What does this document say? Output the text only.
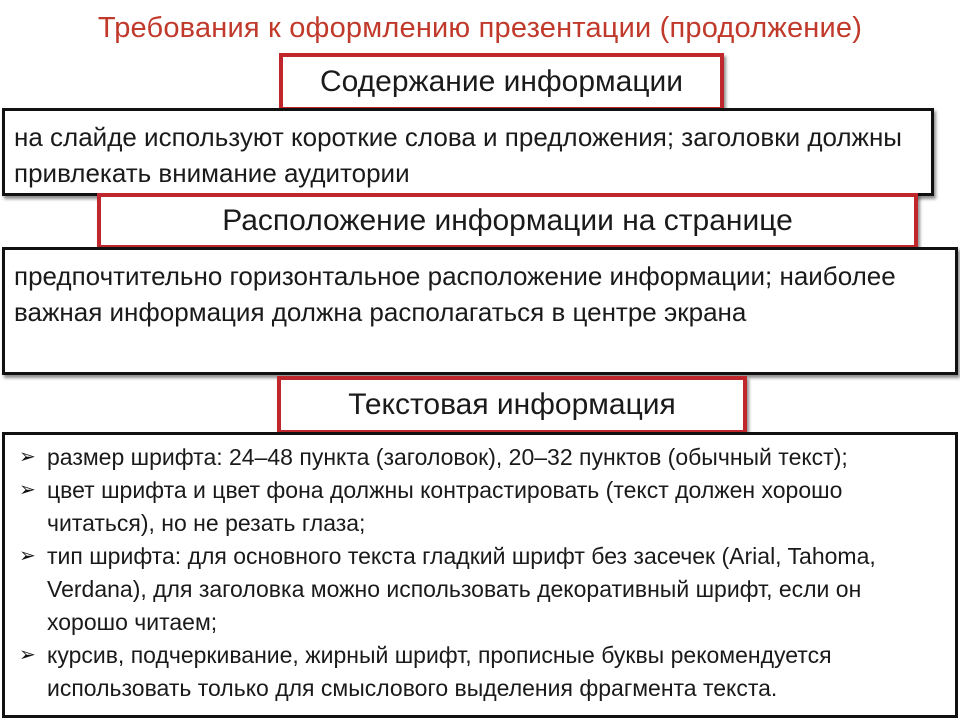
Требования к оформлению презентации (продолжение)
Содержание информации

на слайде используют короткие слова и предложения; заголовки должны привлекать внимание аудитории

Расположение информации на странице

предпочтительно горизонтальное расположение информации; наиболее важная информация должна располагаться в центре экрана

Текстовая информация
➢ размер шрифта: 24–48 пункта (заголовок), 20–32 пунктов (обычный текст);
➢ цвет шрифта и цвет фона должны контрастировать (текст должен хорошо читаться), но не резать глаза;
➢ тип шрифта: для основного текста гладкий шрифт без засечек (Arial, Tahoma, Verdana), для заголовка можно использовать декоративный шрифт, если он хорошо читаем;
➢ курсив, подчеркивание, жирный шрифт, прописные буквы рекомендуется использовать только для смыслового выделения фрагмента текста.
